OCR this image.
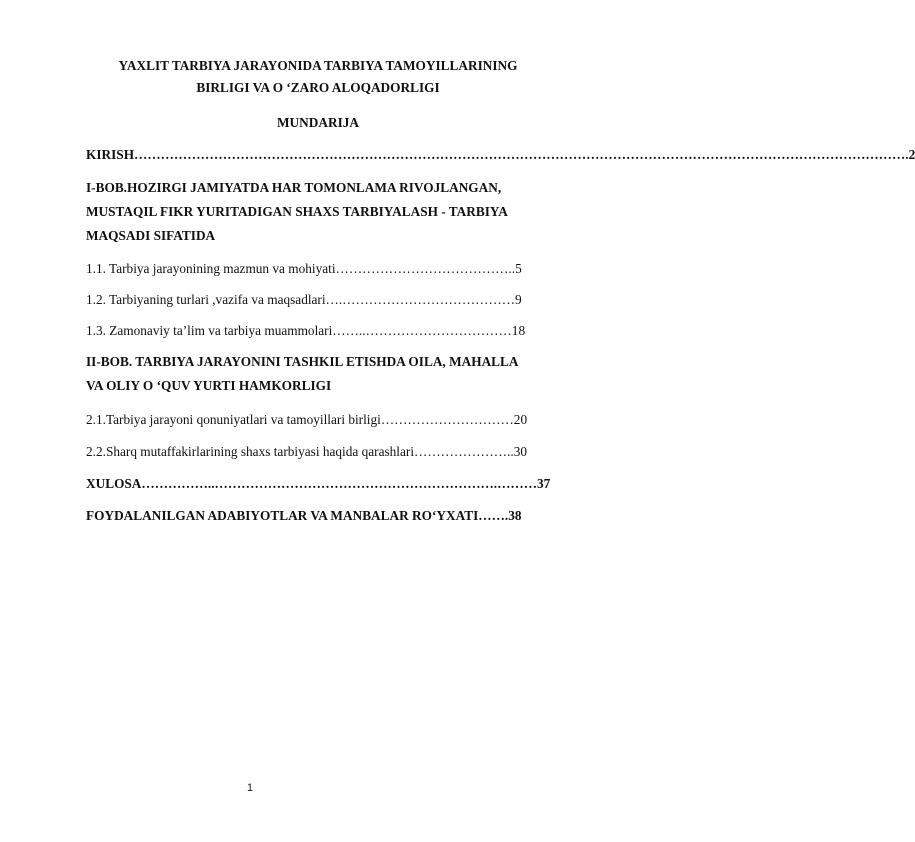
YAXLIT TARBIYA JARAYONIDA TARBIYA TAMOYILLARINING
BIRLIGI VA O ‘ZARO ALOQADORLIGI
MUNDARIJA
KIRISH………………………………………………………………………………………………………………………………………………………….2
I-BOB.HOZIRGI JAMIYATDA HAR TOMONLAMA RIVOJLANGAN,
MUSTAQIL FIKR YURITADIGAN SHAXS TARBIYALASH - TARBIYA
MAQSADI SIFATIDA
1.1. Tarbiya jarayonining mazmun va mohiyati…………………………………..5
1.2. Tarbiyaning turlari ,vazifa va maqsadlari….…………………………………9
1.3. Zamonaviy ta’lim va tarbiya muammolari……..……………………………18
II-BOB. TARBIYA JARAYONINI TASHKIL ETISHDA OILA, MAHALLA
VA OLIY O ‘QUV YURTI HAMKORLIGI
2.1.Tarbiya jarayoni qonuniyatlari va tamoyillari birligi…………………………20
2.2.Sharq mutaffakirlarining shaxs tarbiyasi haqida qarashlari…………………..30
XULOSA……………..……………………………………………………….………37
FOYDALANILGAN ADABIYOTLAR VA MANBALAR RO‘YXATI…….38
1
